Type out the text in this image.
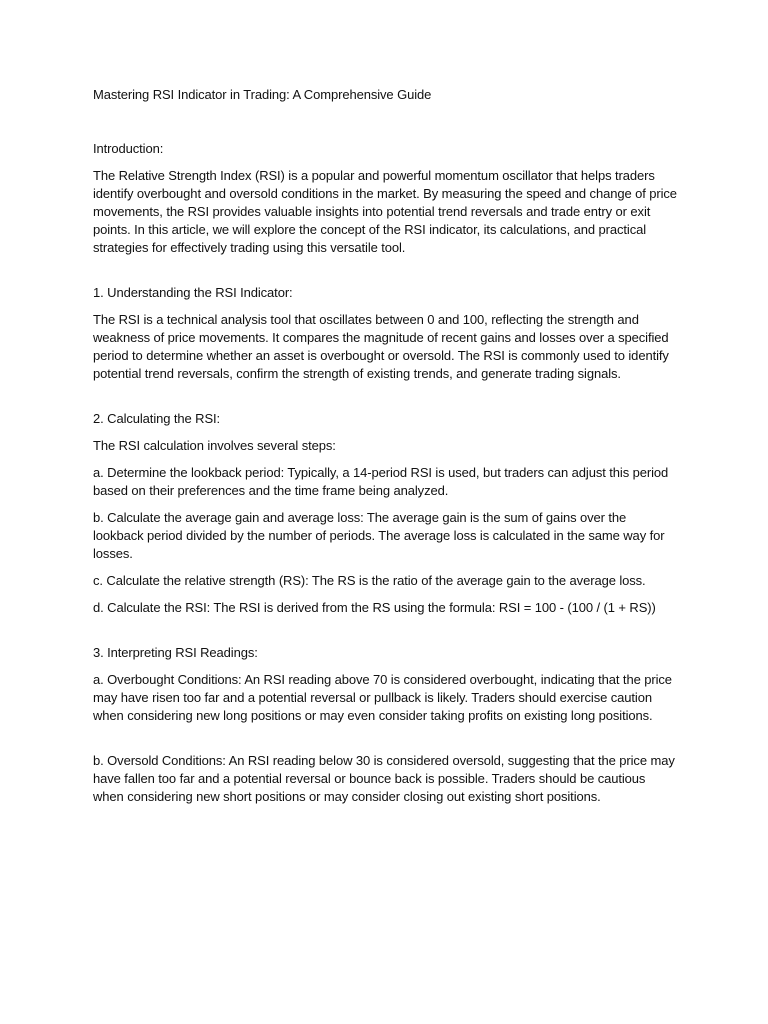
Mastering RSI Indicator in Trading: A Comprehensive Guide

Introduction:

The Relative Strength Index (RSI) is a popular and powerful momentum oscillator that helps traders identify overbought and oversold conditions in the market. By measuring the speed and change of price movements, the RSI provides valuable insights into potential trend reversals and trade entry or exit points. In this article, we will explore the concept of the RSI indicator, its calculations, and practical strategies for effectively trading using this versatile tool.

1. Understanding the RSI Indicator:

The RSI is a technical analysis tool that oscillates between 0 and 100, reflecting the strength and weakness of price movements. It compares the magnitude of recent gains and losses over a specified period to determine whether an asset is overbought or oversold. The RSI is commonly used to identify potential trend reversals, confirm the strength of existing trends, and generate trading signals.

2. Calculating the RSI:

The RSI calculation involves several steps:

a. Determine the lookback period: Typically, a 14-period RSI is used, but traders can adjust this period based on their preferences and the time frame being analyzed.

b. Calculate the average gain and average loss: The average gain is the sum of gains over the lookback period divided by the number of periods. The average loss is calculated in the same way for losses.

c. Calculate the relative strength (RS): The RS is the ratio of the average gain to the average loss.

d. Calculate the RSI: The RSI is derived from the RS using the formula: RSI = 100 - (100 / (1 + RS))

3. Interpreting RSI Readings:

a. Overbought Conditions: An RSI reading above 70 is considered overbought, indicating that the price may have risen too far and a potential reversal or pullback is likely. Traders should exercise caution when considering new long positions or may even consider taking profits on existing long positions.

b. Oversold Conditions: An RSI reading below 30 is considered oversold, suggesting that the price may have fallen too far and a potential reversal or bounce back is possible. Traders should be cautious when considering new short positions or may consider closing out existing short positions.
